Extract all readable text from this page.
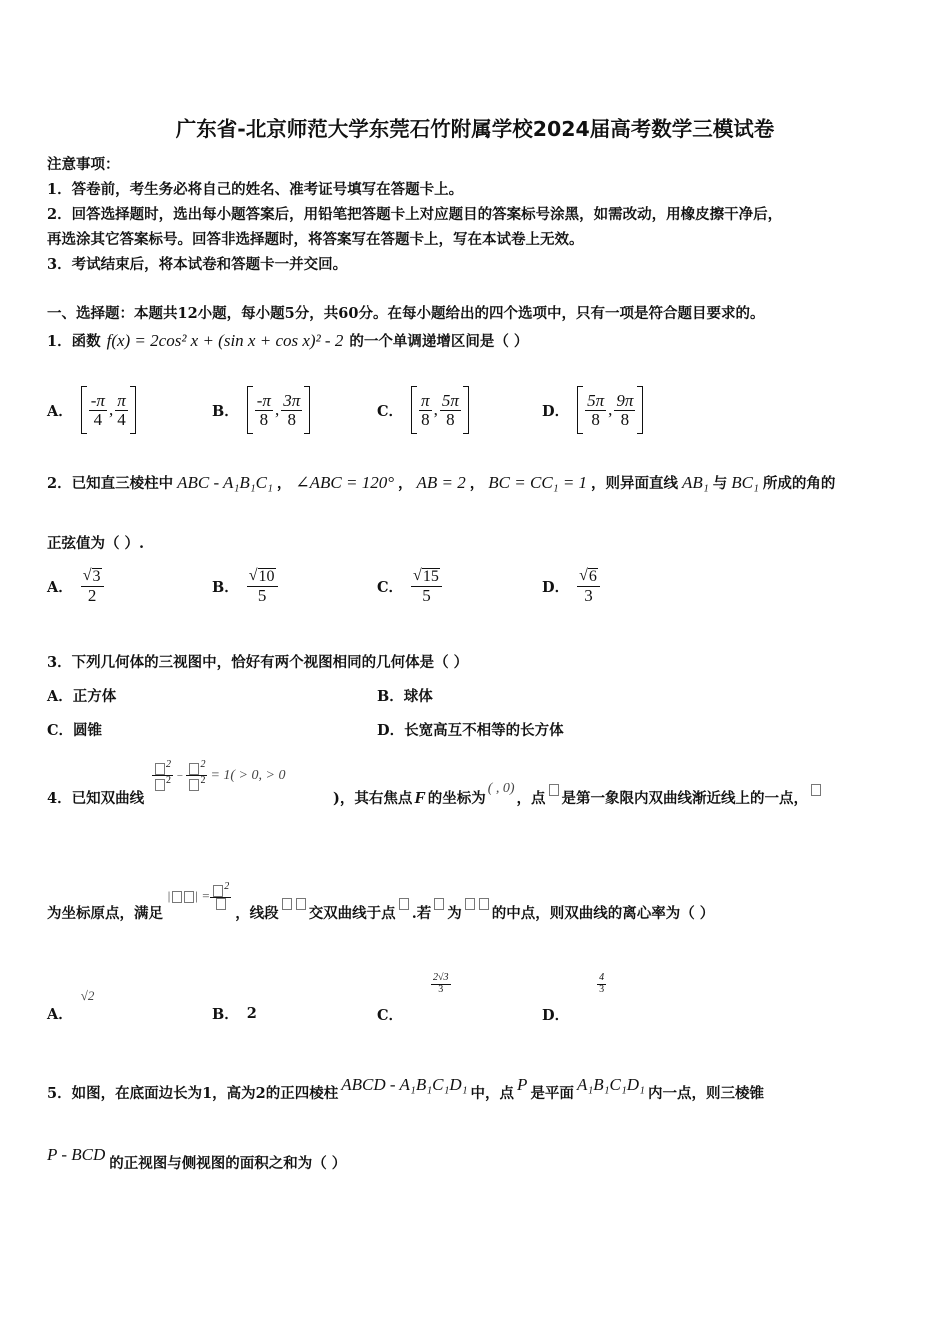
广东省-北京师范大学东莞石竹附属学校2024届高考数学三模试卷
注意事项：
1．答卷前，考生务必将自己的姓名、准考证号填写在答题卡上。
2．回答选择题时，选出每小题答案后，用铅笔把答题卡上对应题目的答案标号涂黑，如需改动，用橡皮擦干净后，
再选涂其它答案标号。回答非选择题时，将答案写在答题卡上，写在本试卷上无效。
3．考试结束后，将本试卷和答题卡一并交回。
一、选择题：本题共12小题，每小题5分，共60分。在每小题给出的四个选项中，只有一项是符合题目要求的。
1．函数 f(x) = 2cos² x + (sin x + cos x)² - 2 的一个单调递增区间是（ ）
A． $\frac{-\pi}{4}$ , $\frac{\pi}{4}$	B． $\frac{-\pi}{8}$ , $\frac{3\pi}{8}$	C． $\frac{\pi}{8}$ , $\frac{5\pi}{8}$	D． $\frac{5\pi}{8}$ , $\frac{9\pi}{8}$
2．已知直三棱柱中 ABC - A₁B₁C₁ ， ∠ABC = 120° ， AB = 2 ， BC = CC₁ = 1 ，则异面直线 AB₁ 与 BC₁ 所成的角的
正弦值为（ ）.
A． $\frac{√ 3}{2}$	B． $\frac{√ 10}{5}$	C． $\frac{√ 15}{5}$	D． $\frac{√ 6}{3}$
3．下列几何体的三视图中，恰好有两个视图相同的几何体是（ ）
A．正方体	B．球体
C．圆锥	D．长宽高互不相等的长方体
4．已知双曲线
$\frac{^2}{^2} - \frac{^2}{^2} = 1( > 0$, > 0
)，其右焦点 F 的坐标为
( , 0)
，点 是第一象限内双曲线渐近线上的一点，
为坐标原点，满足
| | =
$^2$
，线段 交双曲线于点 .若 为 的中点，则双曲线的离心率为（ ）
A．
√2
B． 2	C．
$\frac{2√3}{3}$
D．
$\frac{4}{3}$
5．如图，在底面边长为1，高为2的正四棱柱 ABCD - A₁B₁C₁D₁ 中，点 P 是平面 A₁B₁C₁D₁ 内一点，则三棱锥
P - BCD 的正视图与侧视图的面积之和为（ ）
